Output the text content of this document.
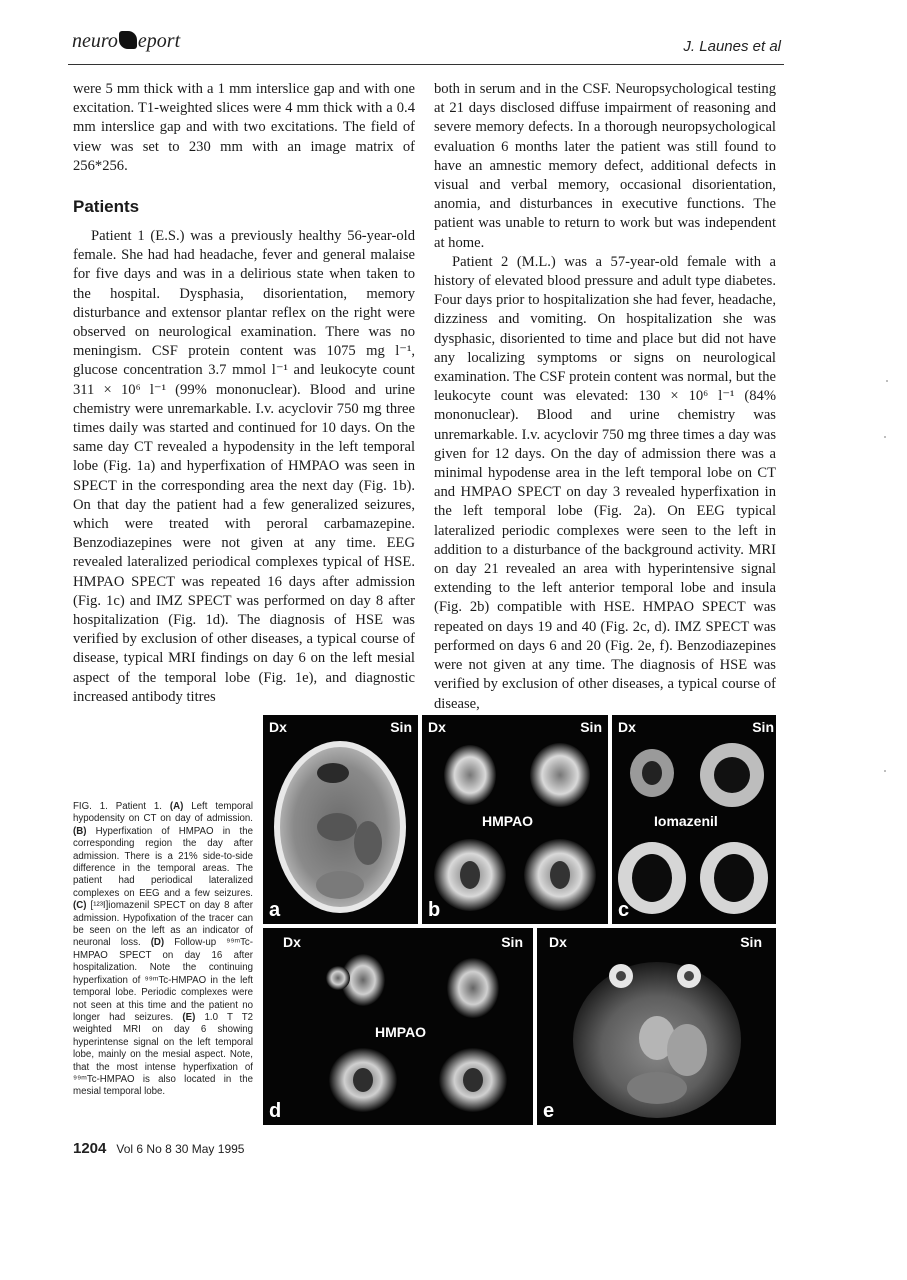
neuro eport	J. Launes et al

were 5 mm thick with a 1 mm interslice gap and with one excitation. T1-weighted slices were 4 mm thick with a 0.4 mm interslice gap and with two excitations. The field of view was set to 230 mm with an image matrix of 256*256.

Patients

Patient 1 (E.S.) was a previously healthy 56-year-old female. She had had headache, fever and general malaise for five days and was in a delirious state when taken to the hospital. Dysphasia, disorientation, memory disturbance and extensor plantar reflex on the right were observed on neurological examination. There was no meningism. CSF protein content was 1075 mg l⁻¹, glucose concentration 3.7 mmol l⁻¹ and leukocyte count 311 × 10⁶ l⁻¹ (99% mononuclear). Blood and urine chemistry were unremarkable. I.v. acyclovir 750 mg three times daily was started and continued for 10 days. On the same day CT revealed a hypodensity in the left temporal lobe (Fig. 1a) and hyperfixation of HMPAO was seen in SPECT in the corresponding area the next day (Fig. 1b). On that day the patient had a few generalized seizures, which were treated with peroral carbamazepine. Benzodiazepines were not given at any time. EEG revealed lateralized periodical complexes typical of HSE. HMPAO SPECT was repeated 16 days after admission (Fig. 1c) and IMZ SPECT was performed on day 8 after hospitalization (Fig. 1d). The diagnosis of HSE was verified by exclusion of other diseases, a typical course of disease, typical MRI findings on day 6 on the left mesial aspect of the temporal lobe (Fig. 1e), and diagnostic increased antibody titres

both in serum and in the CSF. Neuropsychological testing at 21 days disclosed diffuse impairment of reasoning and severe memory defects. In a thorough neuropsychological evaluation 6 months later the patient was still found to have an amnestic memory defect, additional defects in visual and verbal memory, occasional disorientation, anomia, and disturbances in executive functions. The patient was unable to return to work but was independent at home.

Patient 2 (M.L.) was a 57-year-old female with a history of elevated blood pressure and adult type diabetes. Four days prior to hospitalization she had fever, headache, dizziness and vomiting. On hospitalization she was dysphasic, disoriented to time and place but did not have any localizing symptoms or signs on neurological examination. The CSF protein content was normal, but the leukocyte count was elevated: 130 × 10⁶ l⁻¹ (84% mononuclear). Blood and urine chemistry was unremarkable. I.v. acyclovir 750 mg three times a day was given for 12 days. On the day of admission there was a minimal hypodense area in the left temporal lobe on CT and HMPAO SPECT on day 3 revealed hyperfixation in the left temporal lobe (Fig. 2a). On EEG typical lateralized periodic complexes were seen to the left in addition to a disturbance of the background activity. MRI on day 21 revealed an area with hyperintensive signal extending to the left anterior temporal lobe and insula (Fig. 2b) compatible with HSE. HMPAO SPECT was repeated on days 19 and 40 (Fig. 2c, d). IMZ SPECT was performed on days 6 and 20 (Fig. 2e, f). Benzodiazepines were not given at any time. The diagnosis of HSE was verified by exclusion of other diseases, a typical course of disease,

FIG. 1. Patient 1. (A) Left temporal hypodensity on CT on day of admission. (B) Hyperfixation of HMPAO in the corresponding region the day after admission. There is a 21% side-to-side difference in the temporal areas. The patient had periodical lateralized complexes on EEG and a few seizures. (C) [¹²³I]iomazenil SPECT on day 8 after admission. Hypofixation of the tracer can be seen on the left as an indicator of neuronal loss. (D) Follow-up ⁹⁹ᵐTc-HMPAO SPECT on day 16 after hospitalization. Note the continuing hyperfixation of ⁹⁹ᵐTc-HMPAO in the left temporal lobe. Periodic complexes were not seen at this time and the patient no longer had seizures. (E) 1.0 T T2 weighted MRI on day 6 showing hyperintense signal on the left temporal lobe, mainly on the mesial aspect. Note, that the most intense hyperfixation of ⁹⁹ᵐTc-HMPAO is also located in the mesial temporal lobe.
Dx	Sin
a
Dx	Sin
HMPAO
b
Dx	Sin
Iomazenil
c
Dx	Sin
HMPAO
d
Dx	Sin
e
1204 Vol 6 No 8 30 May 1995
